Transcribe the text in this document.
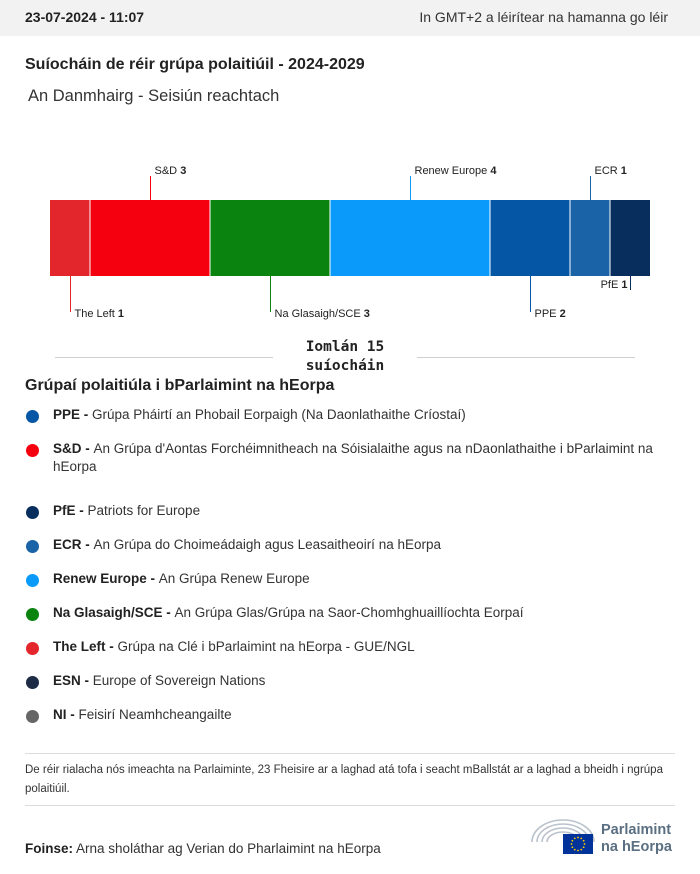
23-07-2024 - 11:07	In GMT+2 a léirítear na hamanna go léir
Suíocháin de réir grúpa polaitiúil - 2024-2029
An Danmhairg - Seisiún reachtach
The Left 1
S&D 3
Na Glasaigh/SCE 3
Renew Europe 4
PPE 2
ECR 1
PfE 1
Iomlán 15
suíocháin
Grúpaí polaitiúla i bParlaimint na hEorpa
PPE - Grúpa Pháirtí an Phobail Eorpaigh (Na Daonlathaithe Críostaí)
S&D - An Grúpa d'Aontas Forchéimnitheach na Sóisialaithe agus na nDaonlathaithe i bParlaimint na hEorpa
PfE - Patriots for Europe
ECR - An Grúpa do Choimeádaigh agus Leasaitheoirí na hEorpa
Renew Europe - An Grúpa Renew Europe
Na Glasaigh/SCE - An Grúpa Glas/Grúpa na Saor-Chomhghuaillíochta Eorpaí
The Left - Grúpa na Clé i bParlaimint na hEorpa - GUE/NGL
ESN - Europe of Sovereign Nations
NI - Feisirí Neamhcheangailte
De réir rialacha nós imeachta na Parlaiminte, 23 Fheisire ar a laghad atá tofa i seacht mBallstát ar a laghad a bheidh i ngrúpa polaitiúil.
Foinse: Arna sholáthar ag Verian do Pharlaimint na hEorpa
Parlaimint
na hEorpa
